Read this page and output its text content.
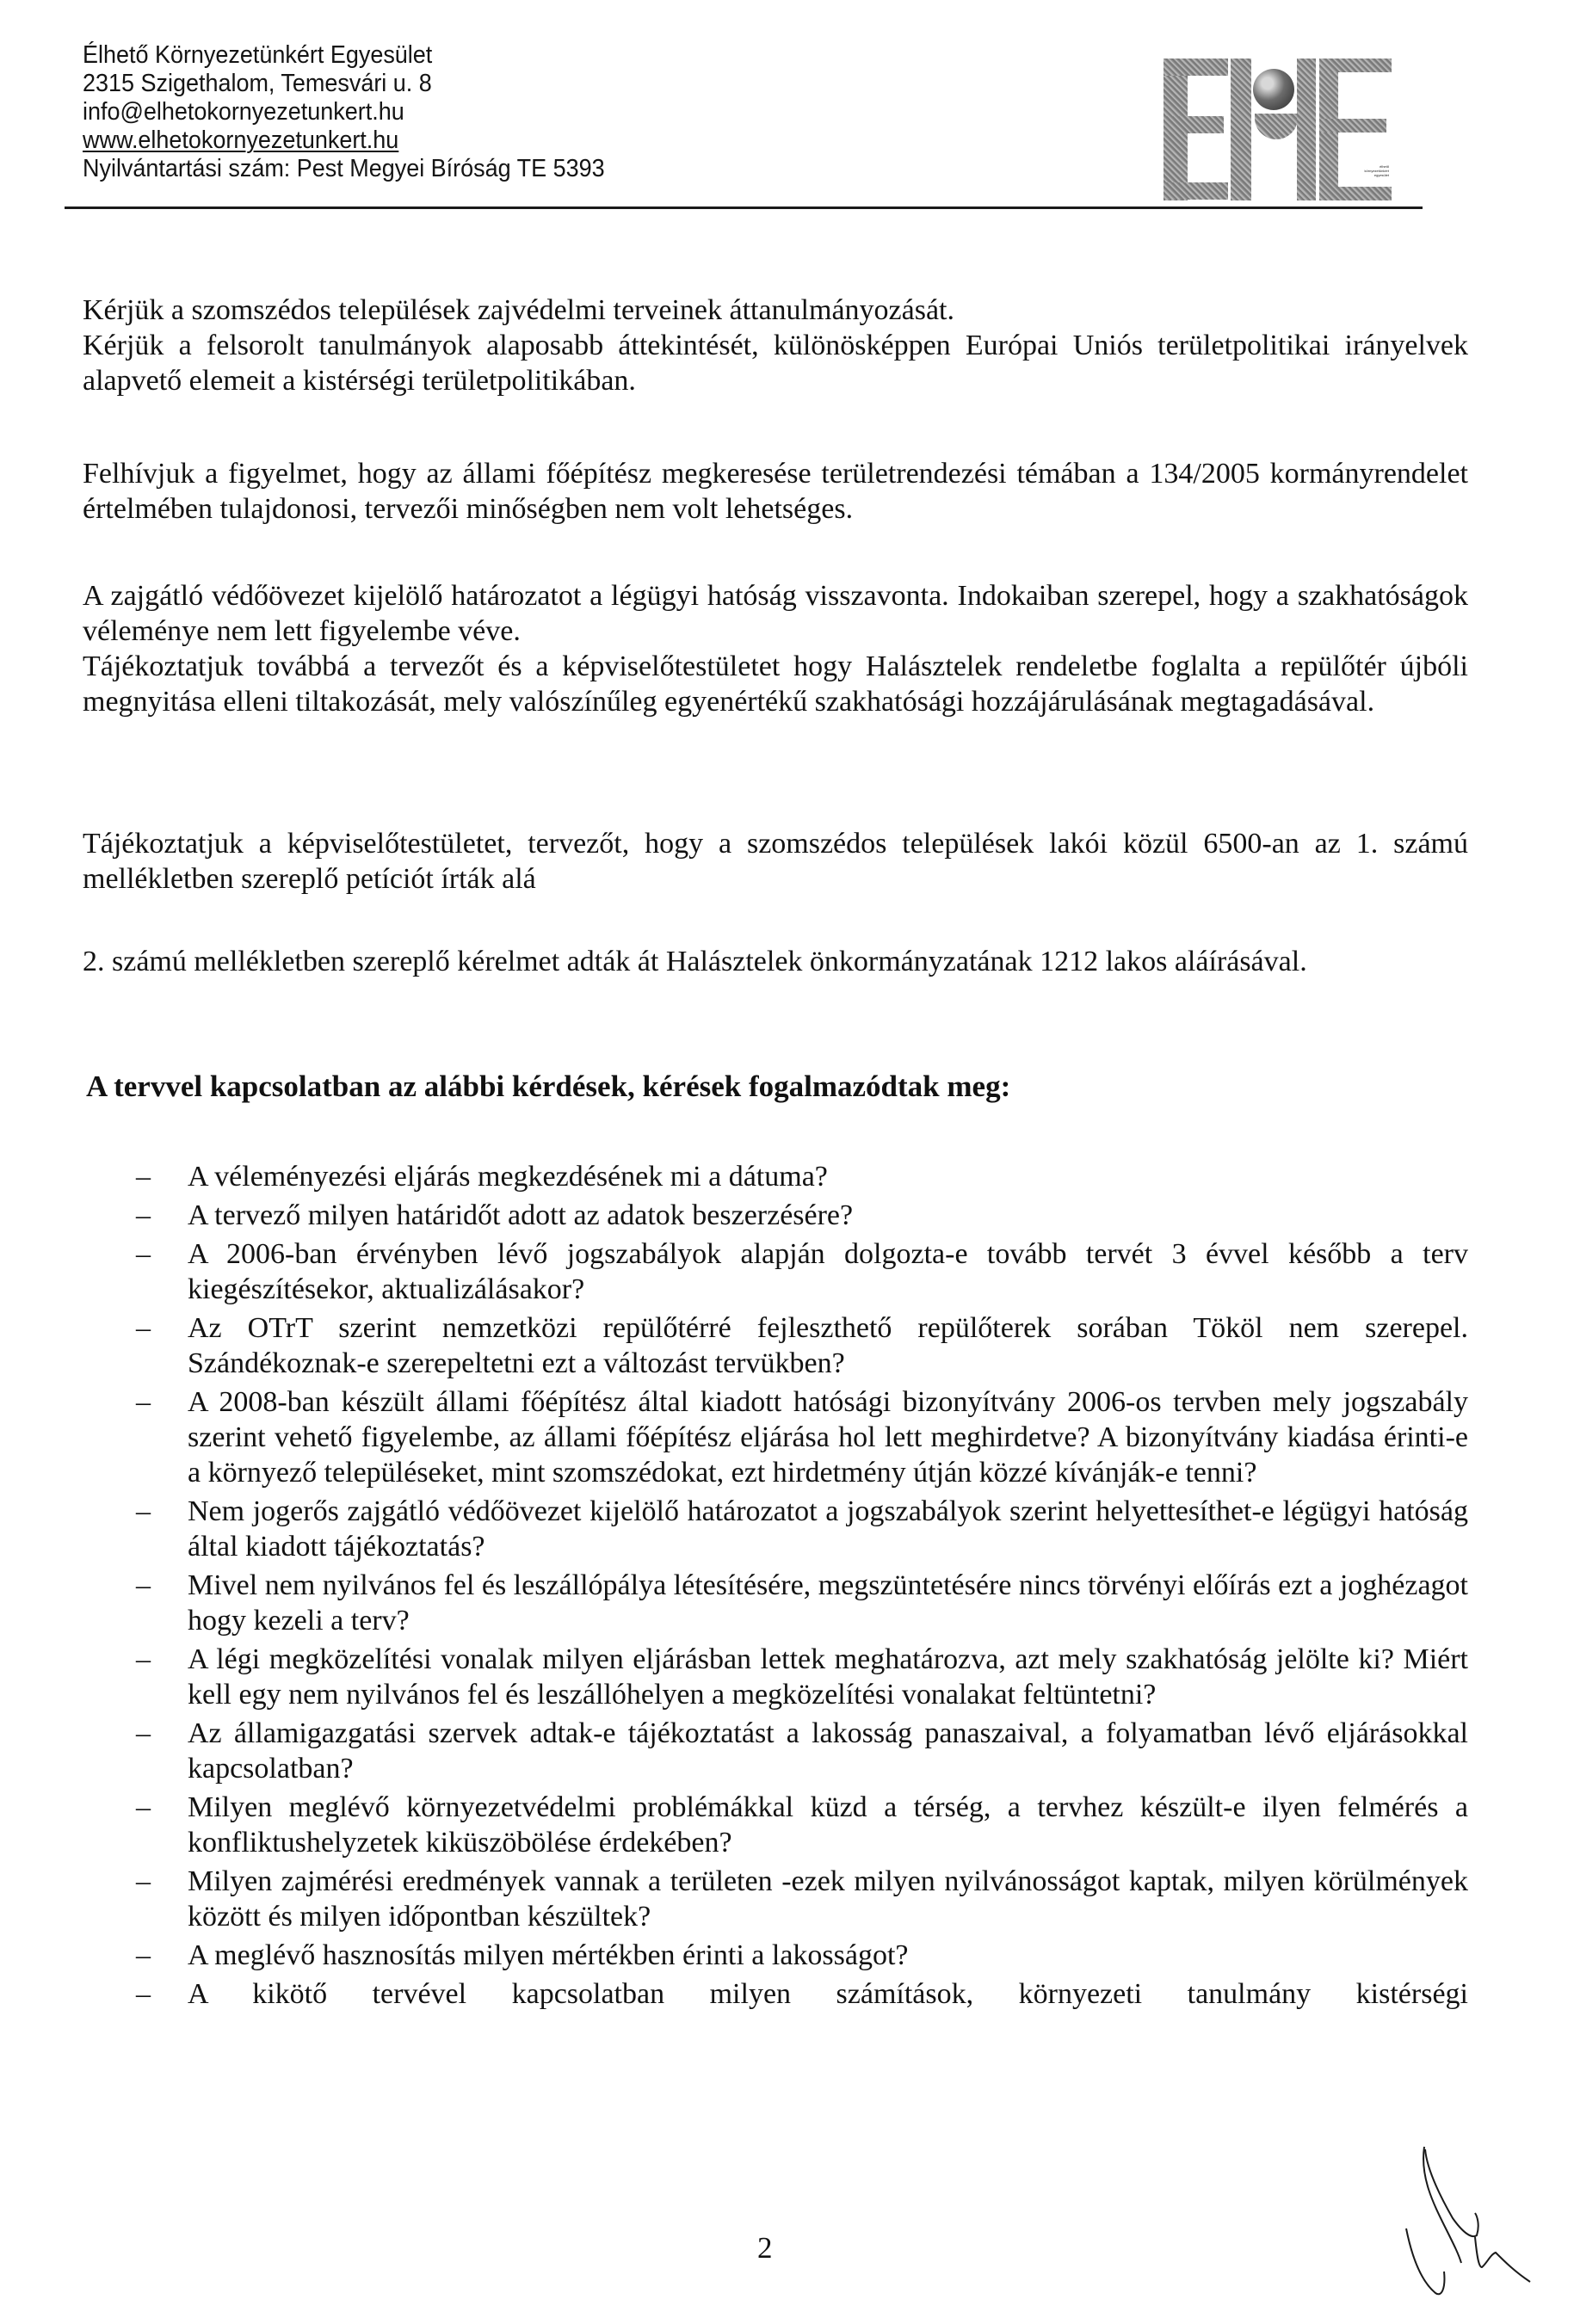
Élhető Környezetünkért Egyesület
2315 Szigethalom, Temesvári u. 8
info@elhetokornyezetunkert.hu
www.elhetokornyezetunkert.hu
Nyilvántartási szám: Pest Megyei Bíróság TE 5393	élhető
környezetünkért
egyesület

Kérjük a szomszédos települések zajvédelmi terveinek áttanulmányozását.

Kérjük a felsorolt tanulmányok alaposabb áttekintését, különösképpen Európai Uniós területpolitikai irányelvek alapvető elemeit a kistérségi területpolitikában.

Felhívjuk a figyelmet, hogy az állami főépítész megkeresése területrendezési témában a 134/2005 kormányrendelet értelmében tulajdonosi, tervezői minőségben nem volt lehetséges.

A zajgátló védőövezet kijelölő határozatot a légügyi hatóság visszavonta. Indokaiban szerepel, hogy a szakhatóságok véleménye nem lett figyelembe véve.

Tájékoztatjuk továbbá a tervezőt és a képviselőtestületet hogy Halásztelek rendeletbe foglalta a repülőtér újbóli megnyitása elleni tiltakozását, mely valószínűleg egyenértékű szakhatósági hozzájárulásának megtagadásával.

Tájékoztatjuk a képviselőtestületet, tervezőt, hogy a szomszédos települések lakói közül 6500-an az 1. számú mellékletben szereplő petíciót írták alá

2. számú mellékletben szereplő kérelmet adták át Halásztelek önkormányzatának 1212 lakos aláírásával.

A tervvel kapcsolatban az alábbi kérdések, kérések fogalmazódtak meg:
–	A véleményezési eljárás megkezdésének mi a dátuma?
–	A tervező milyen határidőt adott az adatok beszerzésére?
–	A 2006-ban érvényben lévő jogszabályok alapján dolgozta-e tovább tervét 3 évvel később a terv kiegészítésekor, aktualizálásakor?
–	Az OTrT szerint nemzetközi repülőtérré fejleszthető repülőterek sorában Tököl nem szerepel. Szándékoznak-e szerepeltetni ezt a változást tervükben?
–	A 2008-ban készült állami főépítész által kiadott hatósági bizonyítvány 2006-os tervben mely jogszabály szerint vehető figyelembe, az állami főépítész eljárása hol lett meghirdetve? A bizonyítvány kiadása érinti-e a környező településeket, mint szomszédokat, ezt hirdetmény útján közzé kívánják-e tenni?
–	Nem jogerős zajgátló védőövezet kijelölő határozatot a jogszabályok szerint helyettesíthet-e légügyi hatóság által kiadott tájékoztatás?
–	Mivel nem nyilvános fel és leszállópálya létesítésére, megszüntetésére nincs törvényi előírás ezt a joghézagot hogy kezeli a terv?
–	A légi megközelítési vonalak milyen eljárásban lettek meghatározva, azt mely szakhatóság jelölte ki? Miért kell egy nem nyilvános fel és leszállóhelyen a megközelítési vonalakat feltüntetni?
–	Az államigazgatási szervek adtak-e tájékoztatást a lakosság panaszaival, a folyamatban lévő eljárásokkal kapcsolatban?
–	Milyen meglévő környezetvédelmi problémákkal küzd a térség, a tervhez készült-e ilyen felmérés a konfliktushelyzetek kiküszöbölése érdekében?
–	Milyen zajmérési eredmények vannak a területen -ezek milyen nyilvánosságot kaptak, milyen körülmények között és milyen időpontban készültek?
–	A meglévő hasznosítás milyen mértékben érinti a lakosságot?
–	A kikötő tervével kapcsolatban milyen számítások, környezeti tanulmány kistérségi
2
